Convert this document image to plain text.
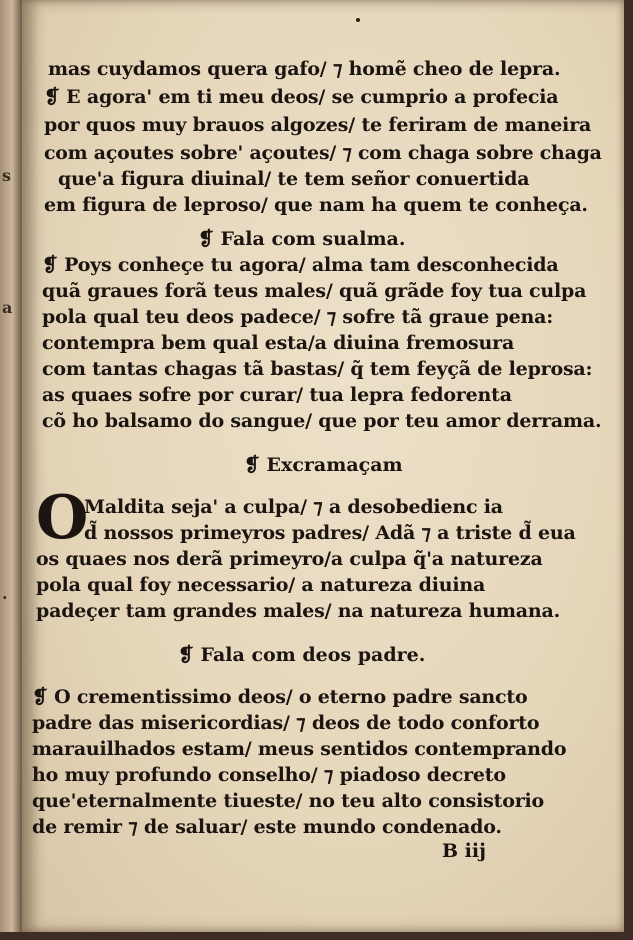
s
a
·
mas cuydamos quera gafo/ ⁊ homẽ cheo de lepra.
❡ E agora' em ti meu deos/ se cumprio a profecia
por quos muy brauos algozes/ te feriram de maneira
com açoutes sobre' açoutes/ ⁊ com chaga sobre chaga
que'a figura diuinal/ te tem señor conuertida
em figura de leproso/ que nam ha quem te conheça.
❡ Fala com sualma.
❡ Poys conheçe tu agora/ alma tam desconhecida
quã graues forã teus males/ quã grãde foy tua culpa
pola qual teu deos padece/ ⁊ sofre tã graue pena:
contempra bem qual esta/a diuina fremosura
com tantas chagas tã bastas/ q̃ tem feyçã de leprosa:
as quaes sofre por curar/ tua lepra fedorenta
cõ ho balsamo do sangue/ que por teu amor derrama.
❡ Excramaçam
O
Maldita seja' a culpa/ ⁊ a desobedienc ia
d̃ nossos primeyros padres/ Adã ⁊ a triste d̃ eua
os quaes nos derã primeyro/a culpa q̃'a natureza
pola qual foy necessario/ a natureza diuina
padeçer tam grandes males/ na natureza humana.
❡ Fala com deos padre.
❡ O crementissimo deos/ o eterno padre sancto
padre das misericordias/ ⁊ deos de todo conforto
marauilhados estam/ meus sentidos contemprando
ho muy profundo conselho/ ⁊ piadoso decreto
que'eternalmente tiueste/ no teu alto consistorio
de remir ⁊ de saluar/ este mundo condenado.
B iij
